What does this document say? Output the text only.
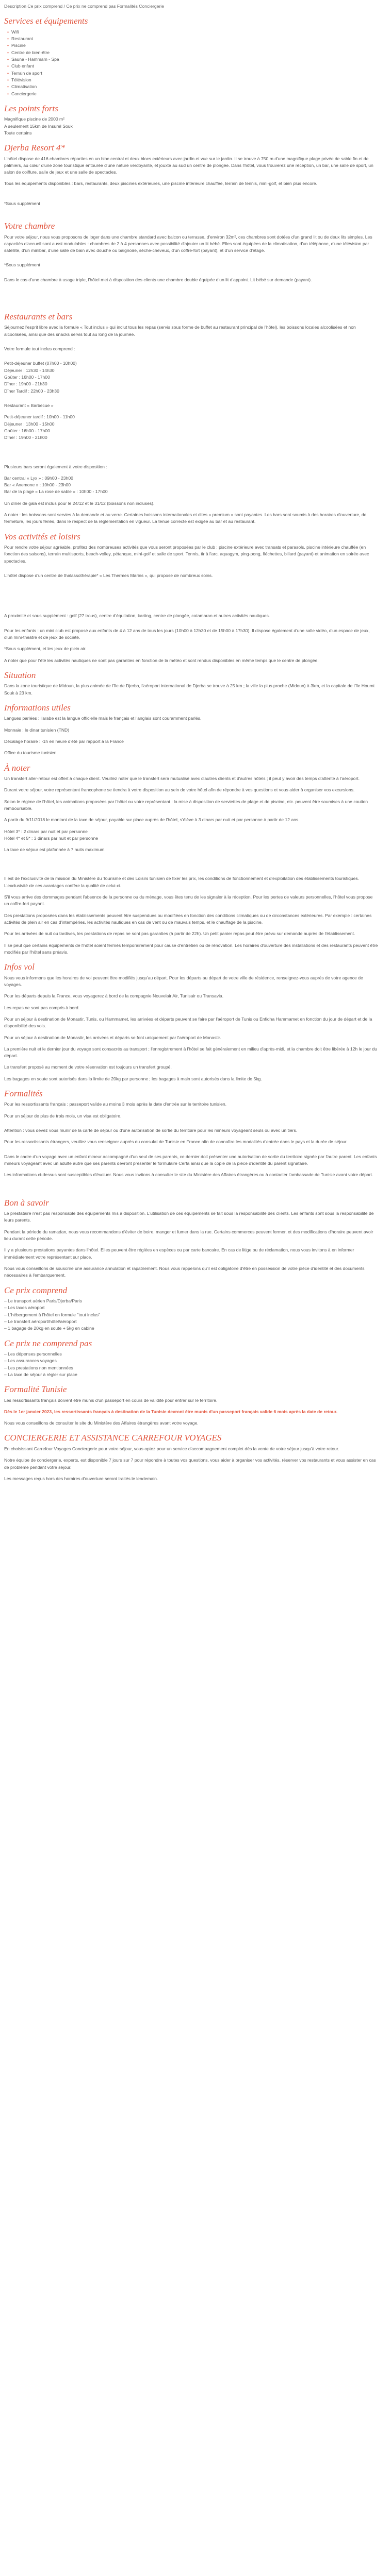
Description Ce prix comprend / Ce prix ne comprend pas Formalités Conciergerie
Services et équipements
• Wifi
• Restaurant
• Piscine
• Centre de bien-être
• Sauna - Hammam - Spa
• Club enfant
• Terrain de sport
• Télévision
• Climatisation
• Conciergerie
Les points forts

Magnifique piscine de 2000 m²

A seulement 15km de Insurel Souk

Toute certains

Djerba Resort 4*

L'hôtel dispose de 416 chambres réparties en un bloc central et deux blocs extérieurs avec jardin et vue sur le jardin. Il se trouve à 750 m d'une magnifique plage privée de sable fin et de palmiers, au cœur d'une zone touristique entourée d'une nature verdoyante, et jouxte au sud un centre de plongée. Dans l'hôtel, vous trouverez une réception, un bar, une salle de sport, un salon de coiffure, salle de jeux et une salle de spectacles.

Tous les équipements disponibles : bars, restaurants, deux piscines extérieures, une piscine intérieure chauffée, terrain de tennis, mini-golf, et bien plus encore.

*Sous supplément

Votre chambre

Pour votre séjour, nous vous proposons de loger dans une chambre standard avec balcon ou terrasse, d'environ 32m², ces chambres sont dotées d'un grand lit ou de deux lits simples. Les capacités d'accueil sont aussi modulables : chambres de 2 à 4 personnes avec possibilité d'ajouter un lit bébé. Elles sont équipées de la climatisation, d'un téléphone, d'une télévision par satellite, d'un minibar, d'une salle de bain avec douche ou baignoire, sèche-cheveux, d'un coffre-fort (payant), et d'un service d'étage.

*Sous supplément

Dans le cas d'une chambre à usage triple, l'hôtel met à disposition des clients une chambre double équipée d'un lit d'appoint. Lit bébé sur demande (payant).

Restaurants et bars

Séjournez l'esprit libre avec la formule « Tout inclus » qui inclut tous les repas (servis sous forme de buffet au restaurant principal de l'hôtel), les boissons locales alcoolisées et non alcoolisées, ainsi que des snacks servis tout au long de la journée.

Votre formule tout inclus comprend :

Petit-déjeuner buffet (07h00 - 10h00)

Déjeuner : 12h30 - 14h30

Goûter : 16h00 - 17h00

Dîner : 19h00 - 21h30

Dîner Tardif : 22h00 - 23h30

Restaurant « Barbecue »

Petit-déjeuner tardif : 10h00 - 11h00

Déjeuner : 13h00 - 15h00

Goûter : 16h00 - 17h00

Dîner : 19h00 - 21h00

Plusieurs bars seront également à votre disposition :

Bar central « Lyx » : 09h00 - 23h00

Bar « Anemone » : 10h00 - 23h00

Bar de la plage « La rose de sable » : 10h00 - 17h00

Un dîner de gala est inclus pour le 24/12 et le 31/12 (boissons non incluses).

A noter : les boissons sont servies à la demande et au verre. Certaines boissons internationales et dites « premium » sont payantes. Les bars sont soumis à des horaires d'ouverture, de fermeture, les jours fériés, dans le respect de la réglementation en vigueur. La tenue correcte est exigée au bar et au restaurant.

Vos activités et loisirs

Pour rendre votre séjour agréable, profitez des nombreuses activités que vous seront proposées par le club : piscine extérieure avec transats et parasols, piscine intérieure chauffée (en fonction des saisons), terrain multisports, beach-volley, pétanque, mini-golf et salle de sport. Tennis, tir à l'arc, aquagym, ping-pong, fléchettes, billard (payant) et animation en soirée avec spectacles.

L'hôtel dispose d'un centre de thalassothérapie* « Les Thermes Marins », qui propose de nombreux soins.

A proximité et sous supplément : golf (27 trous), centre d'équitation, karting, centre de plongée, catamaran et autres activités nautiques.

Pour les enfants : un mini club est proposé aux enfants de 4 à 12 ans de tous les jours (10h00 à 12h30 et de 15h00 à 17h30). Il dispose également d'une salle vidéo, d'un espace de jeux, d'un mini-théâtre et de jeux de société.

*Sous supplément, et les jeux de plein air.

A noter que pour l'été les activités nautiques ne sont pas garanties en fonction de la météo et sont rendus disponibles en même temps que le centre de plongée.

Situation

Dans la zone touristique de Midoun, la plus animée de l'île de Djerba, l'aéroport international de Djerba se trouve à 25 km ; la ville la plus proche (Midoun) à 3km, et la capitale de l'île Houmt Souk à 23 km.

Informations utiles

Langues parlées : l'arabe est la langue officielle mais le français et l'anglais sont couramment parlés.

Monnaie : le dinar tunisien (TND)

Décalage horaire : -1h en heure d'été par rapport à la France

Office du tourisme tunisien

À noter

Un transfert aller-retour est offert à chaque client. Veuillez noter que le transfert sera mutualisé avec d'autres clients et d'autres hôtels ; il peut y avoir des temps d'attente à l'aéroport.

Durant votre séjour, votre représentant francophone se tiendra à votre disposition au sein de votre hôtel afin de répondre à vos questions et vous aider à organiser vos excursions.

Selon le régime de l'hôtel, les animations proposées par l'hôtel ou votre représentant : la mise à disposition de serviettes de plage et de piscine, etc. peuvent être soumises à une caution remboursable.

A partir du 9/11/2018 le montant de la taxe de séjour, payable sur place auprès de l'hôtel, s'élève à 3 dinars par nuit et par personne à partir de 12 ans.

Hôtel 3* : 2 dinars par nuit et par personne

Hôtel 4* et 5* : 3 dinars par nuit et par personne

La taxe de séjour est plafonnée à 7 nuits maximum.

Il est de l'exclusivité de la mission du Ministère du Tourisme et des Loisirs tunisien de fixer les prix, les conditions de fonctionnement et d'exploitation des établissements touristiques. L'exclusivité de ces avantages confère la qualité de celui-ci.

S'il vous arrive des dommages pendant l'absence de la personne ou du ménage, vous êtes tenu de les signaler à la réception. Pour les pertes de valeurs personnelles, l'hôtel vous propose un coffre-fort payant.

Des prestations proposées dans les établissements peuvent être suspendues ou modifiées en fonction des conditions climatiques ou de circonstances extérieures. Par exemple : certaines activités de plein air en cas d'intempéries, les activités nautiques en cas de vent ou de mauvais temps, et le chauffage de la piscine.

Pour les arrivées de nuit ou tardives, les prestations de repas ne sont pas garanties (à partir de 22h). Un petit panier repas peut être prévu sur demande auprès de l'établissement.

Il se peut que certains équipements de l'hôtel soient fermés temporairement pour cause d'entretien ou de rénovation. Les horaires d'ouverture des installations et des restaurants peuvent être modifiés par l'hôtel sans préavis.

Infos vol

Nous vous informons que les horaires de vol peuvent être modifiés jusqu'au départ. Pour les départs au départ de votre ville de résidence, renseignez-vous auprès de votre agence de voyages.

Pour les départs depuis la France, vous voyagerez à bord de la compagnie Nouvelair Air, Tunisair ou Transavia.

Les repas ne sont pas compris à bord.

Pour un séjour à destination de Monastir, Tunis, ou Hammamet, les arrivées et départs peuvent se faire par l'aéroport de Tunis ou Enfidha Hammamet en fonction du jour de départ et de la disponibilité des vols.

Pour un séjour à destination de Monastir, les arrivées et départs se font uniquement par l'aéroport de Monastir.

La première nuit et le dernier jour du voyage sont consacrés au transport ; l'enregistrement à l'hôtel se fait généralement en milieu d'après-midi, et la chambre doit être libérée à 12h le jour du départ.

Le transfert proposé au moment de votre réservation est toujours un transfert groupé.

Les bagages en soute sont autorisés dans la limite de 20kg par personne ; les bagages à main sont autorisés dans la limite de 5kg.

Formalités

Pour les ressortissants français : passeport valide au moins 3 mois après la date d'entrée sur le territoire tunisien.

Pour un séjour de plus de trois mois, un visa est obligatoire.

Attention : vous devez vous munir de la carte de séjour ou d'une autorisation de sortie du territoire pour les mineurs voyageant seuls ou avec un tiers.

Pour les ressortissants étrangers, veuillez vous renseigner auprès du consulat de Tunisie en France afin de connaître les modalités d'entrée dans le pays et la durée de séjour.

Dans le cadre d'un voyage avec un enfant mineur accompagné d'un seul de ses parents, ce dernier doit présenter une autorisation de sortie du territoire signée par l'autre parent. Les enfants mineurs voyageant avec un adulte autre que ses parents devront présenter le formulaire Cerfa ainsi que la copie de la pièce d'identité du parent signataire.

Les informations ci-dessus sont susceptibles d'évoluer. Nous vous invitons à consulter le site du Ministère des Affaires étrangères ou à contacter l'ambassade de Tunisie avant votre départ.

Bon à savoir

Le prestataire n'est pas responsable des équipements mis à disposition. L'utilisation de ces équipements se fait sous la responsabilité des clients. Les enfants sont sous la responsabilité de leurs parents.

Pendant la période du ramadan, nous vous recommandons d'éviter de boire, manger et fumer dans la rue. Certains commerces peuvent fermer, et des modifications d'horaire peuvent avoir lieu durant cette période.

Il y a plusieurs prestations payantes dans l'hôtel. Elles peuvent être réglées en espèces ou par carte bancaire. En cas de litige ou de réclamation, nous vous invitons à en informer immédiatement votre représentant sur place.

Nous vous conseillons de souscrire une assurance annulation et rapatriement. Nous vous rappelons qu'il est obligatoire d'être en possession de votre pièce d'identité et des documents nécessaires à l'embarquement.

Ce prix comprend
– Le transport aérien Paris/Djerba/Paris
– Les taxes aéroport
– L'hébergement à l'hôtel en formule "tout inclus"
– Le transfert aéroport/hôtel/aéroport
– 1 bagage de 20kg en soute + 5kg en cabine
Ce prix ne comprend pas
– Les dépenses personnelles
– Les assurances voyages
– Les prestations non mentionnées
– La taxe de séjour à régler sur place
Formalité Tunisie

Les ressortissants français doivent être munis d'un passeport en cours de validité pour entrer sur le territoire.

Dès le 1er janvier 2023, les ressortissants français à destination de la Tunisie devront être munis d'un passeport français valide 6 mois après la date de retour.

Nous vous conseillons de consulter le site du Ministère des Affaires étrangères avant votre voyage.

CONCIERGERIE ET ASSISTANCE CARREFOUR VOYAGES

En choisissant Carrefour Voyages Conciergerie pour votre séjour, vous optez pour un service d'accompagnement complet dès la vente de votre séjour jusqu'à votre retour.

Notre équipe de conciergerie, experts, est disponible 7 jours sur 7 pour répondre à toutes vos questions, vous aider à organiser vos activités, réserver vos restaurants et vous assister en cas de problème pendant votre séjour.

Les messages reçus hors des horaires d'ouverture seront traités le lendemain.
